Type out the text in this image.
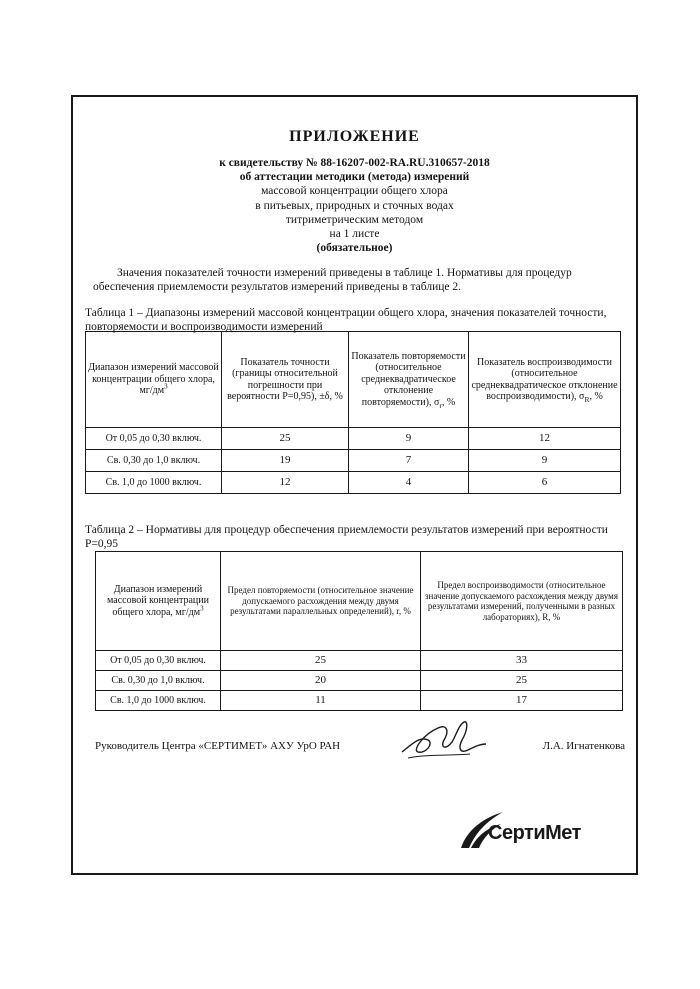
ПРИЛОЖЕНИЕ
к свидетельству № 88-16207-002-RA.RU.310657-2018
об аттестации методики (метода) измерений
массовой концентрации общего хлора
в питьевых, природных и сточных водах
титриметрическим методом
на 1 листе
(обязательное)
Значения показателей точности измерений приведены в таблице 1. Нормативы для процедур обеспечения приемлемости результатов измерений приведены в таблице 2.
Таблица 1 – Диапазоны измерений массовой концентрации общего хлора, значения показателей точности, повторяемости и воспроизводимости измерений
Диапазон измерений массовой концентрации общего хлора, $мг/дм^3$	Показатель точности (границы относительной погрешности при вероятности P=0,95), ±δ, %	Показатель повторяемости (относительное среднеквадратическое отклонение повторяемости), $\sigma_r$, %	Показатель воспроизводимости (относительное среднеквадратическое отклонение воспроизводимости), $\sigma_R$, %
От 0,05 до 0,30 включ.	25	9	12
Св. 0,30 до 1,0 включ.	19	7	9
Св. 1,0 до 1000 включ.	12	4	6
Таблица 2 – Нормативы для процедур обеспечения приемлемости результатов измерений при вероятности P=0,95
Диапазон измерений массовой концентрации общего хлора, $мг/дм^3$	Предел повторяемости (относительное значение допускаемого расхождения между двумя результатами параллельных определений), r, %	Предел воспроизводимости (относительное значение допускаемого расхождения между двумя результатами измерений, полученными в разных лабораториях), R, %
От 0,05 до 0,30 включ.	25	33
Св. 0,30 до 1,0 включ.	20	25
Св. 1,0 до 1000 включ.	11	17
Руководитель Центра «СЕРТИМЕТ» АХУ УрО РАН	Л.А. Игнатенкова
СертиМет
